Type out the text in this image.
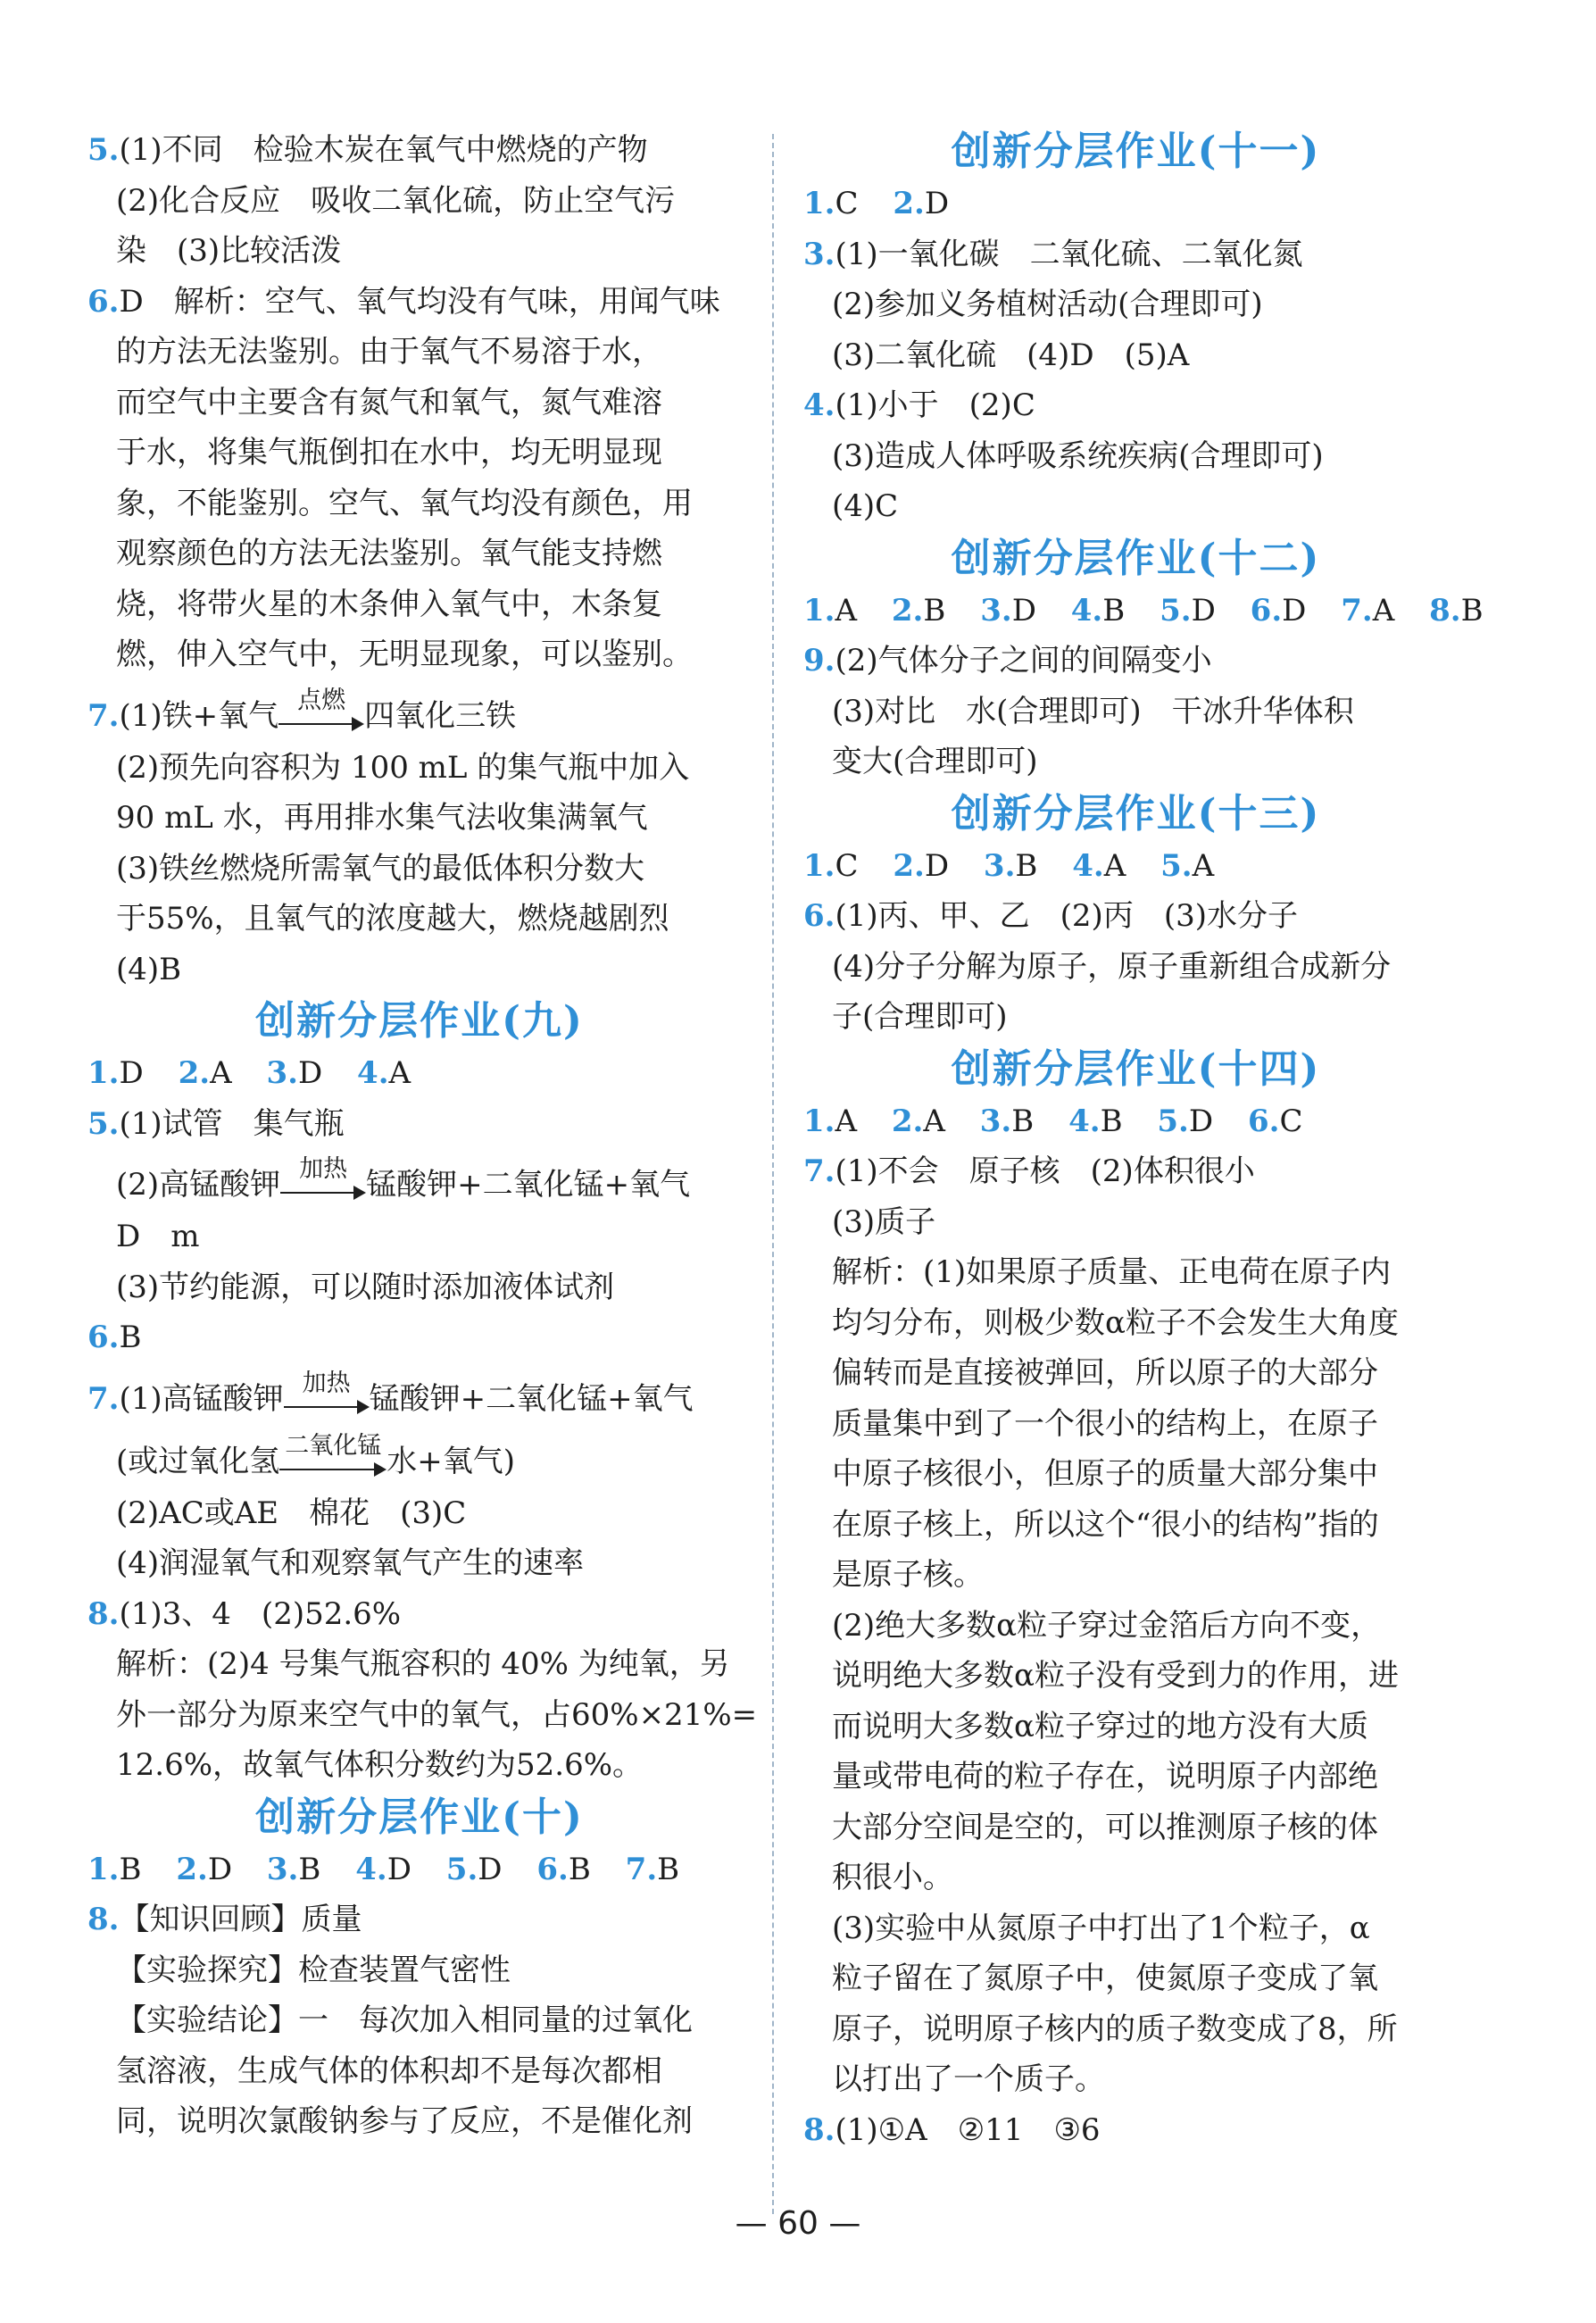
5.(1)不同　检验木炭在氧气中燃烧的产物
(2)化合反应　吸收二氧化硫，防止空气污
染　(3)比较活泼
6.D　解析：空气、氧气均没有气味，用闻气味
的方法无法鉴别。由于氧气不易溶于水，
而空气中主要含有氮气和氧气，氮气难溶
于水，将集气瓶倒扣在水中，均无明显现
象，不能鉴别。空气、氧气均没有颜色，用
观察颜色的方法无法鉴别。氧气能支持燃
烧，将带火星的木条伸入氧气中，木条复
燃，伸入空气中，无明显现象，可以鉴别。
7.(1)铁+氧气 点燃 四氧化三铁
(2)预先向容积为 100 mL 的集气瓶中加入
90 mL 水，再用排水集气法收集满氧气
(3)铁丝燃烧所需氧气的最低体积分数大
于55%，且氧气的浓度越大，燃烧越剧烈
(4)B
创新分层作业(九)
1.D 2.A 3.D 4.A
5.(1)试管　集气瓶
(2)高锰酸钾 加热 锰酸钾+二氧化锰+氧气
D　m
(3)节约能源，可以随时添加液体试剂
6.B
7.(1)高锰酸钾 加热 锰酸钾+二氧化锰+氧气
(或过氧化氢 二氧化锰 水+氧气)
(2)AC或AE　棉花　(3)C
(4)润湿氧气和观察氧气产生的速率
8.(1)3、4　(2)52.6%
解析：(2)4 号集气瓶容积的 40% 为纯氧，另
外一部分为原来空气中的氧气，占60%×21%=
12.6%，故氧气体积分数约为52.6%。
创新分层作业(十)
1.B 2.D 3.B 4.D 5.D 6.B 7.B
8.【知识回顾】质量
【实验探究】检查装置气密性
【实验结论】一　每次加入相同量的过氧化
氢溶液，生成气体的体积却不是每次都相
同，说明次氯酸钠参与了反应，不是催化剂
创新分层作业(十一)
1.C 2.D
3.(1)一氧化碳　二氧化硫、二氧化氮
(2)参加义务植树活动(合理即可)
(3)二氧化硫　(4)D　(5)A
4.(1)小于　(2)C
(3)造成人体呼吸系统疾病(合理即可)
(4)C
创新分层作业(十二)
1.A 2.B 3.D 4.B 5.D 6.D 7.A 8.B
9.(2)气体分子之间的间隔变小
(3)对比　水(合理即可)　干冰升华体积
变大(合理即可)
创新分层作业(十三)
1.C 2.D 3.B 4.A 5.A
6.(1)丙、甲、乙　(2)丙　(3)水分子
(4)分子分解为原子，原子重新组合成新分
子(合理即可)
创新分层作业(十四)
1.A 2.A 3.B 4.B 5.D 6.C
7.(1)不会　原子核　(2)体积很小
(3)质子
解析：(1)如果原子质量、正电荷在原子内
均匀分布，则极少数α粒子不会发生大角度
偏转而是直接被弹回，所以原子的大部分
质量集中到了一个很小的结构上，在原子
中原子核很小，但原子的质量大部分集中
在原子核上，所以这个“很小的结构”指的
是原子核。
(2)绝大多数α粒子穿过金箔后方向不变，
说明绝大多数α粒子没有受到力的作用，进
而说明大多数α粒子穿过的地方没有大质
量或带电荷的粒子存在，说明原子内部绝
大部分空间是空的，可以推测原子核的体
积很小。
(3)实验中从氮原子中打出了1个粒子，α
粒子留在了氮原子中，使氮原子变成了氧
原子，说明原子核内的质子数变成了8，所
以打出了一个质子。
8.(1)①A　②11　③6
— 60 —
